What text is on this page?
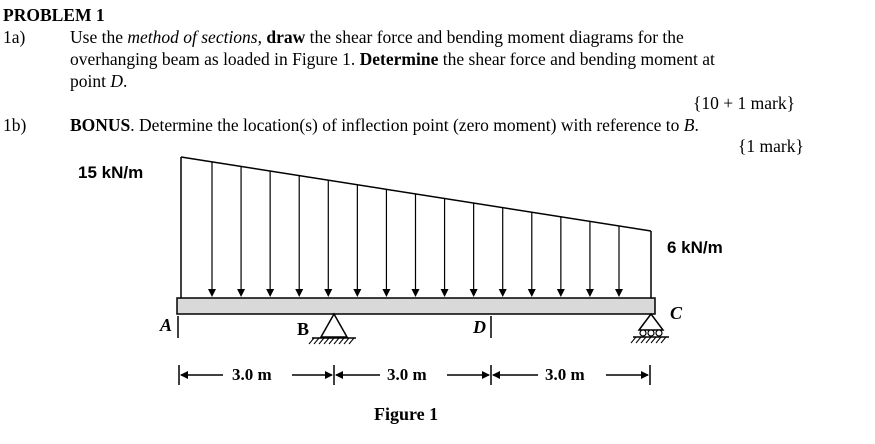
PROBLEM 1
1a)	Use the method of sections, draw the shear force and bending moment diagrams for the
overhanging beam as loaded in Figure 1. Determine the shear force and bending moment at
point D.
{10 + 1 mark}
1b) BONUS. Determine the location(s) of inflection point (zero moment) with reference to B.
{1 mark}
15 kN/m
6 kN/m
A	B	D
C
3.0 m	3.0 m	3.0 m
Figure 1
